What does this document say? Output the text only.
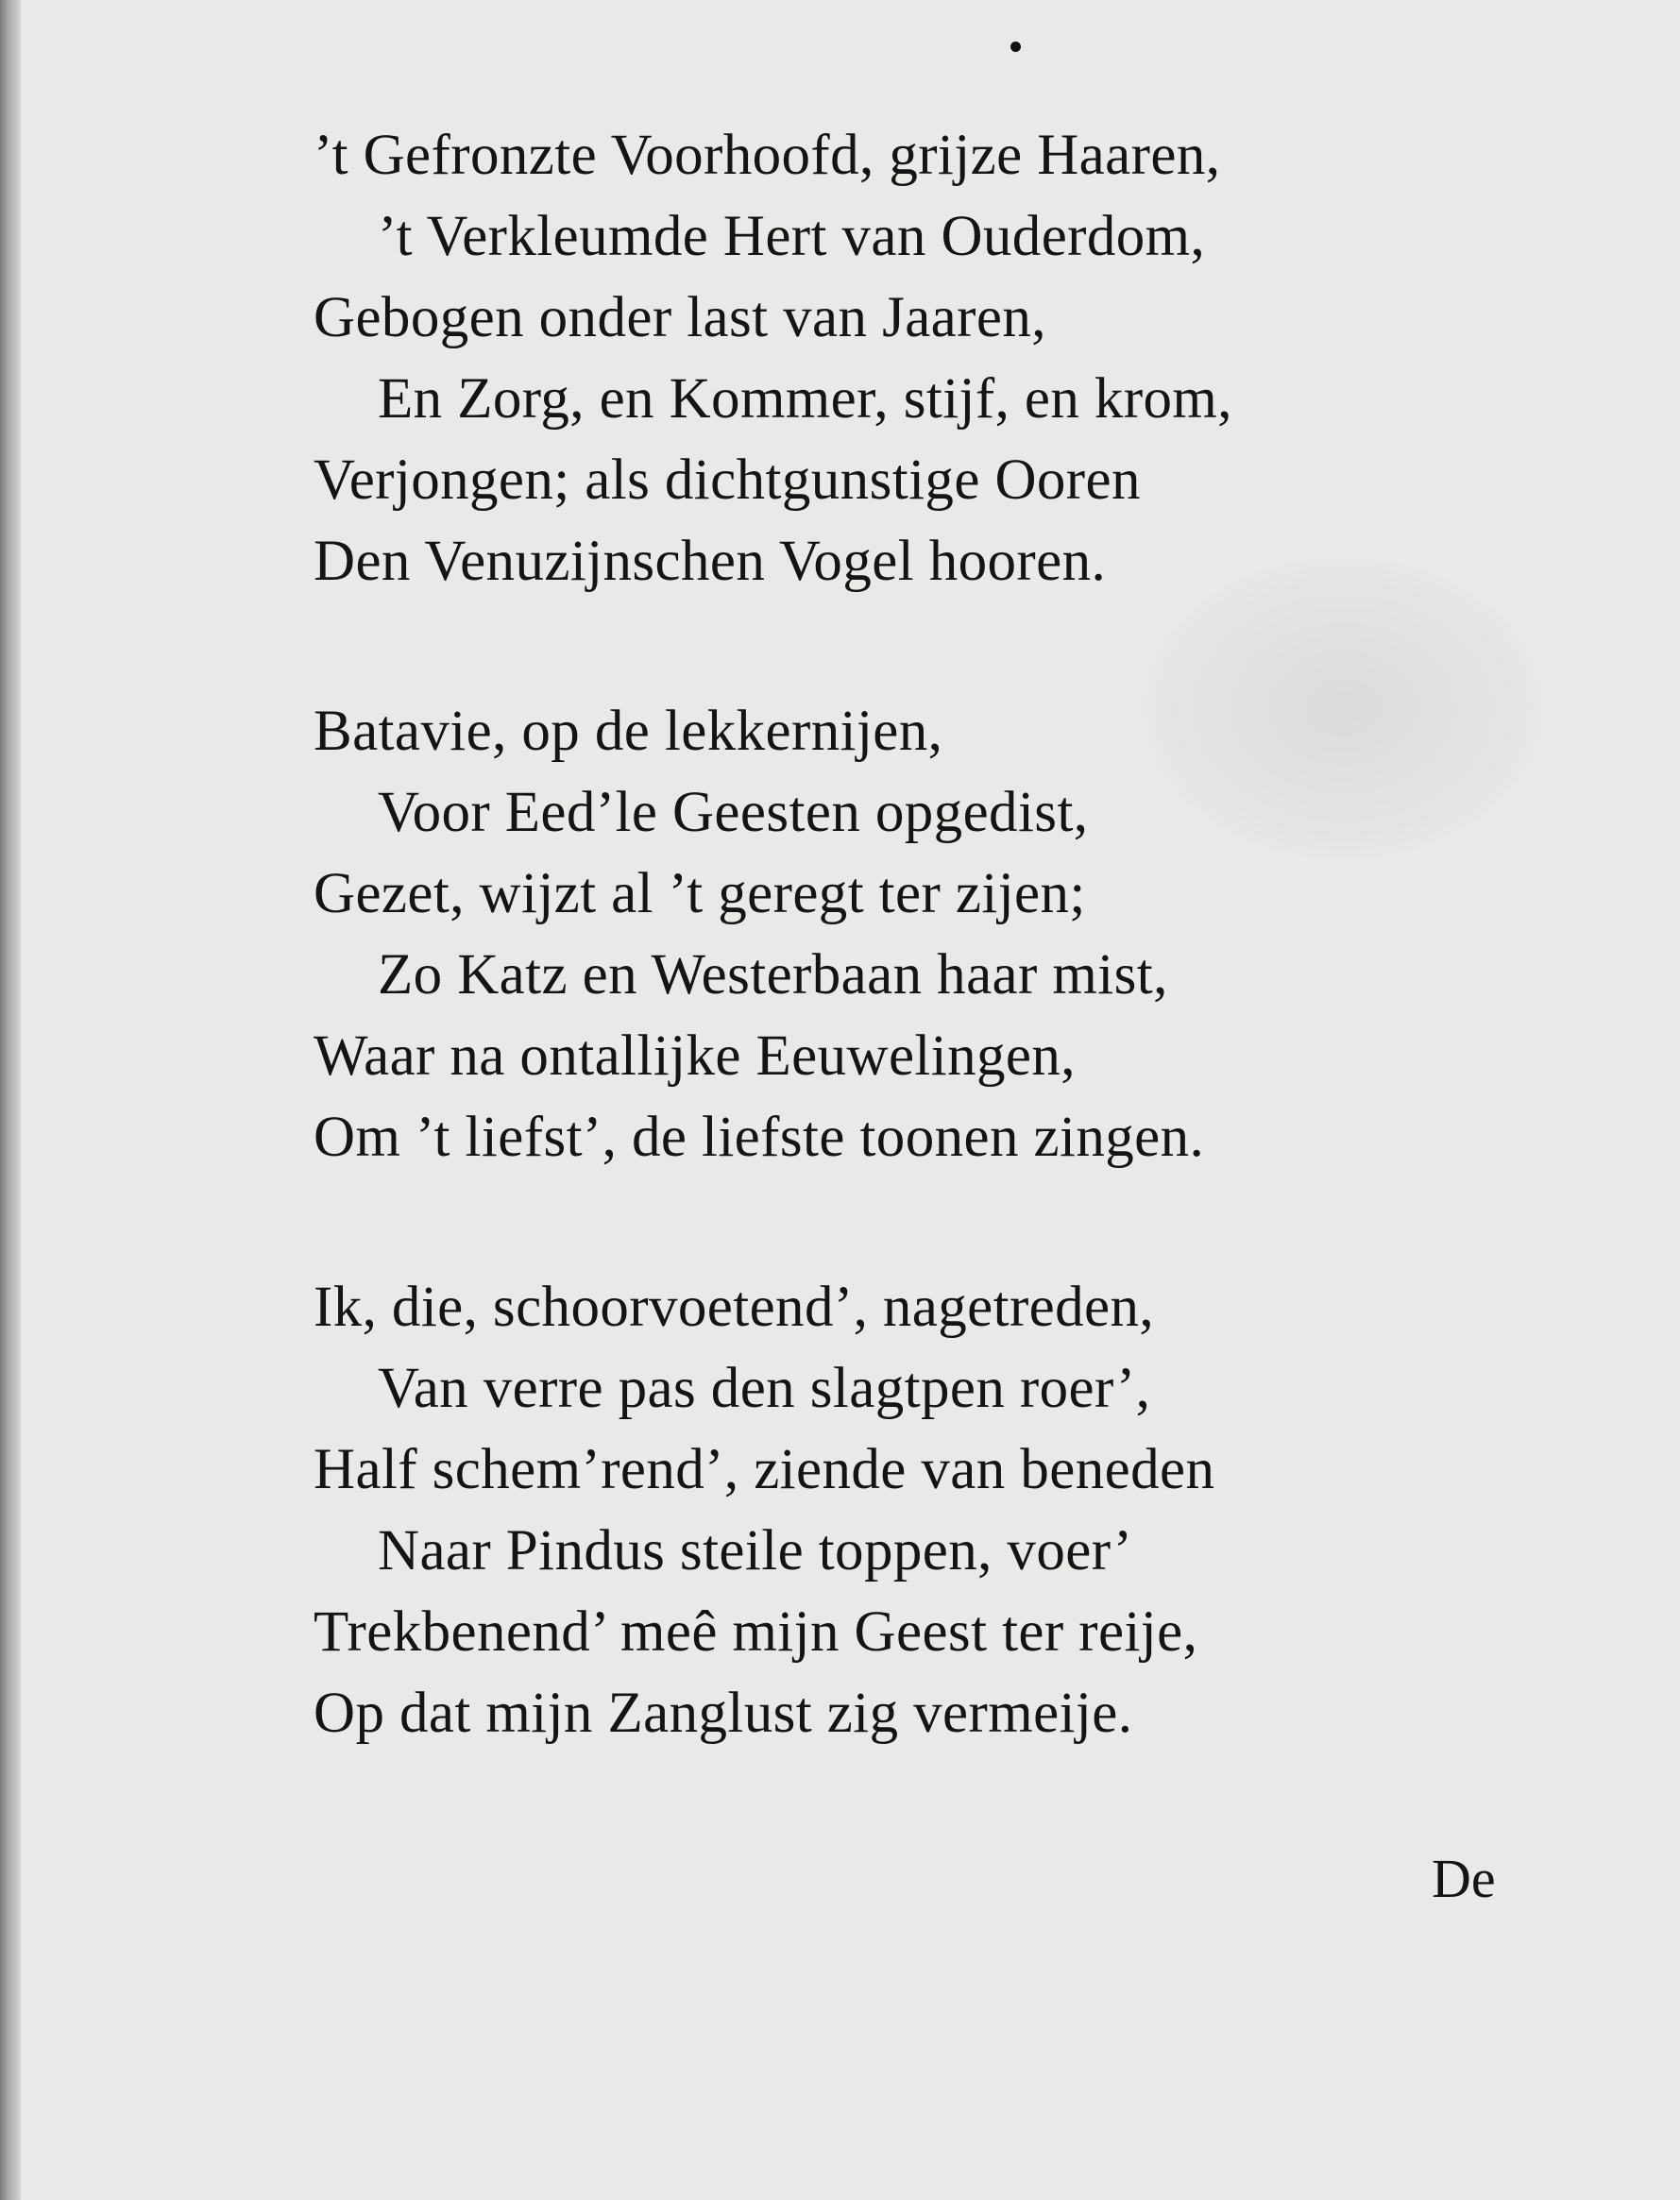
’t Gefronzte Voorhoofd, grijze Haaren,
’t Verkleumde Hert van Ouderdom,
Gebogen onder last van Jaaren,
En Zorg, en Kommer, stijf, en krom,
Verjongen; als dichtgunstige Ooren
Den Venuzijnschen Vogel hooren.
Batavie, op de lekkernijen,
Voor Eed’le Geesten opgedist,
Gezet, wijzt al ’t geregt ter zijen;
Zo Katz en Westerbaan haar mist,
Waar na ontallijke Eeuwelingen,
Om ’t liefst’, de liefste toonen zingen.
Ik, die, schoorvoetend’, nagetreden,
Van verre pas den slagtpen roer’,
Half schem’rend’, ziende van beneden
Naar Pindus steile toppen, voer’
Trekbenend’ meê mijn Geest ter reije,
Op dat mijn Zanglust zig vermeije.
De
